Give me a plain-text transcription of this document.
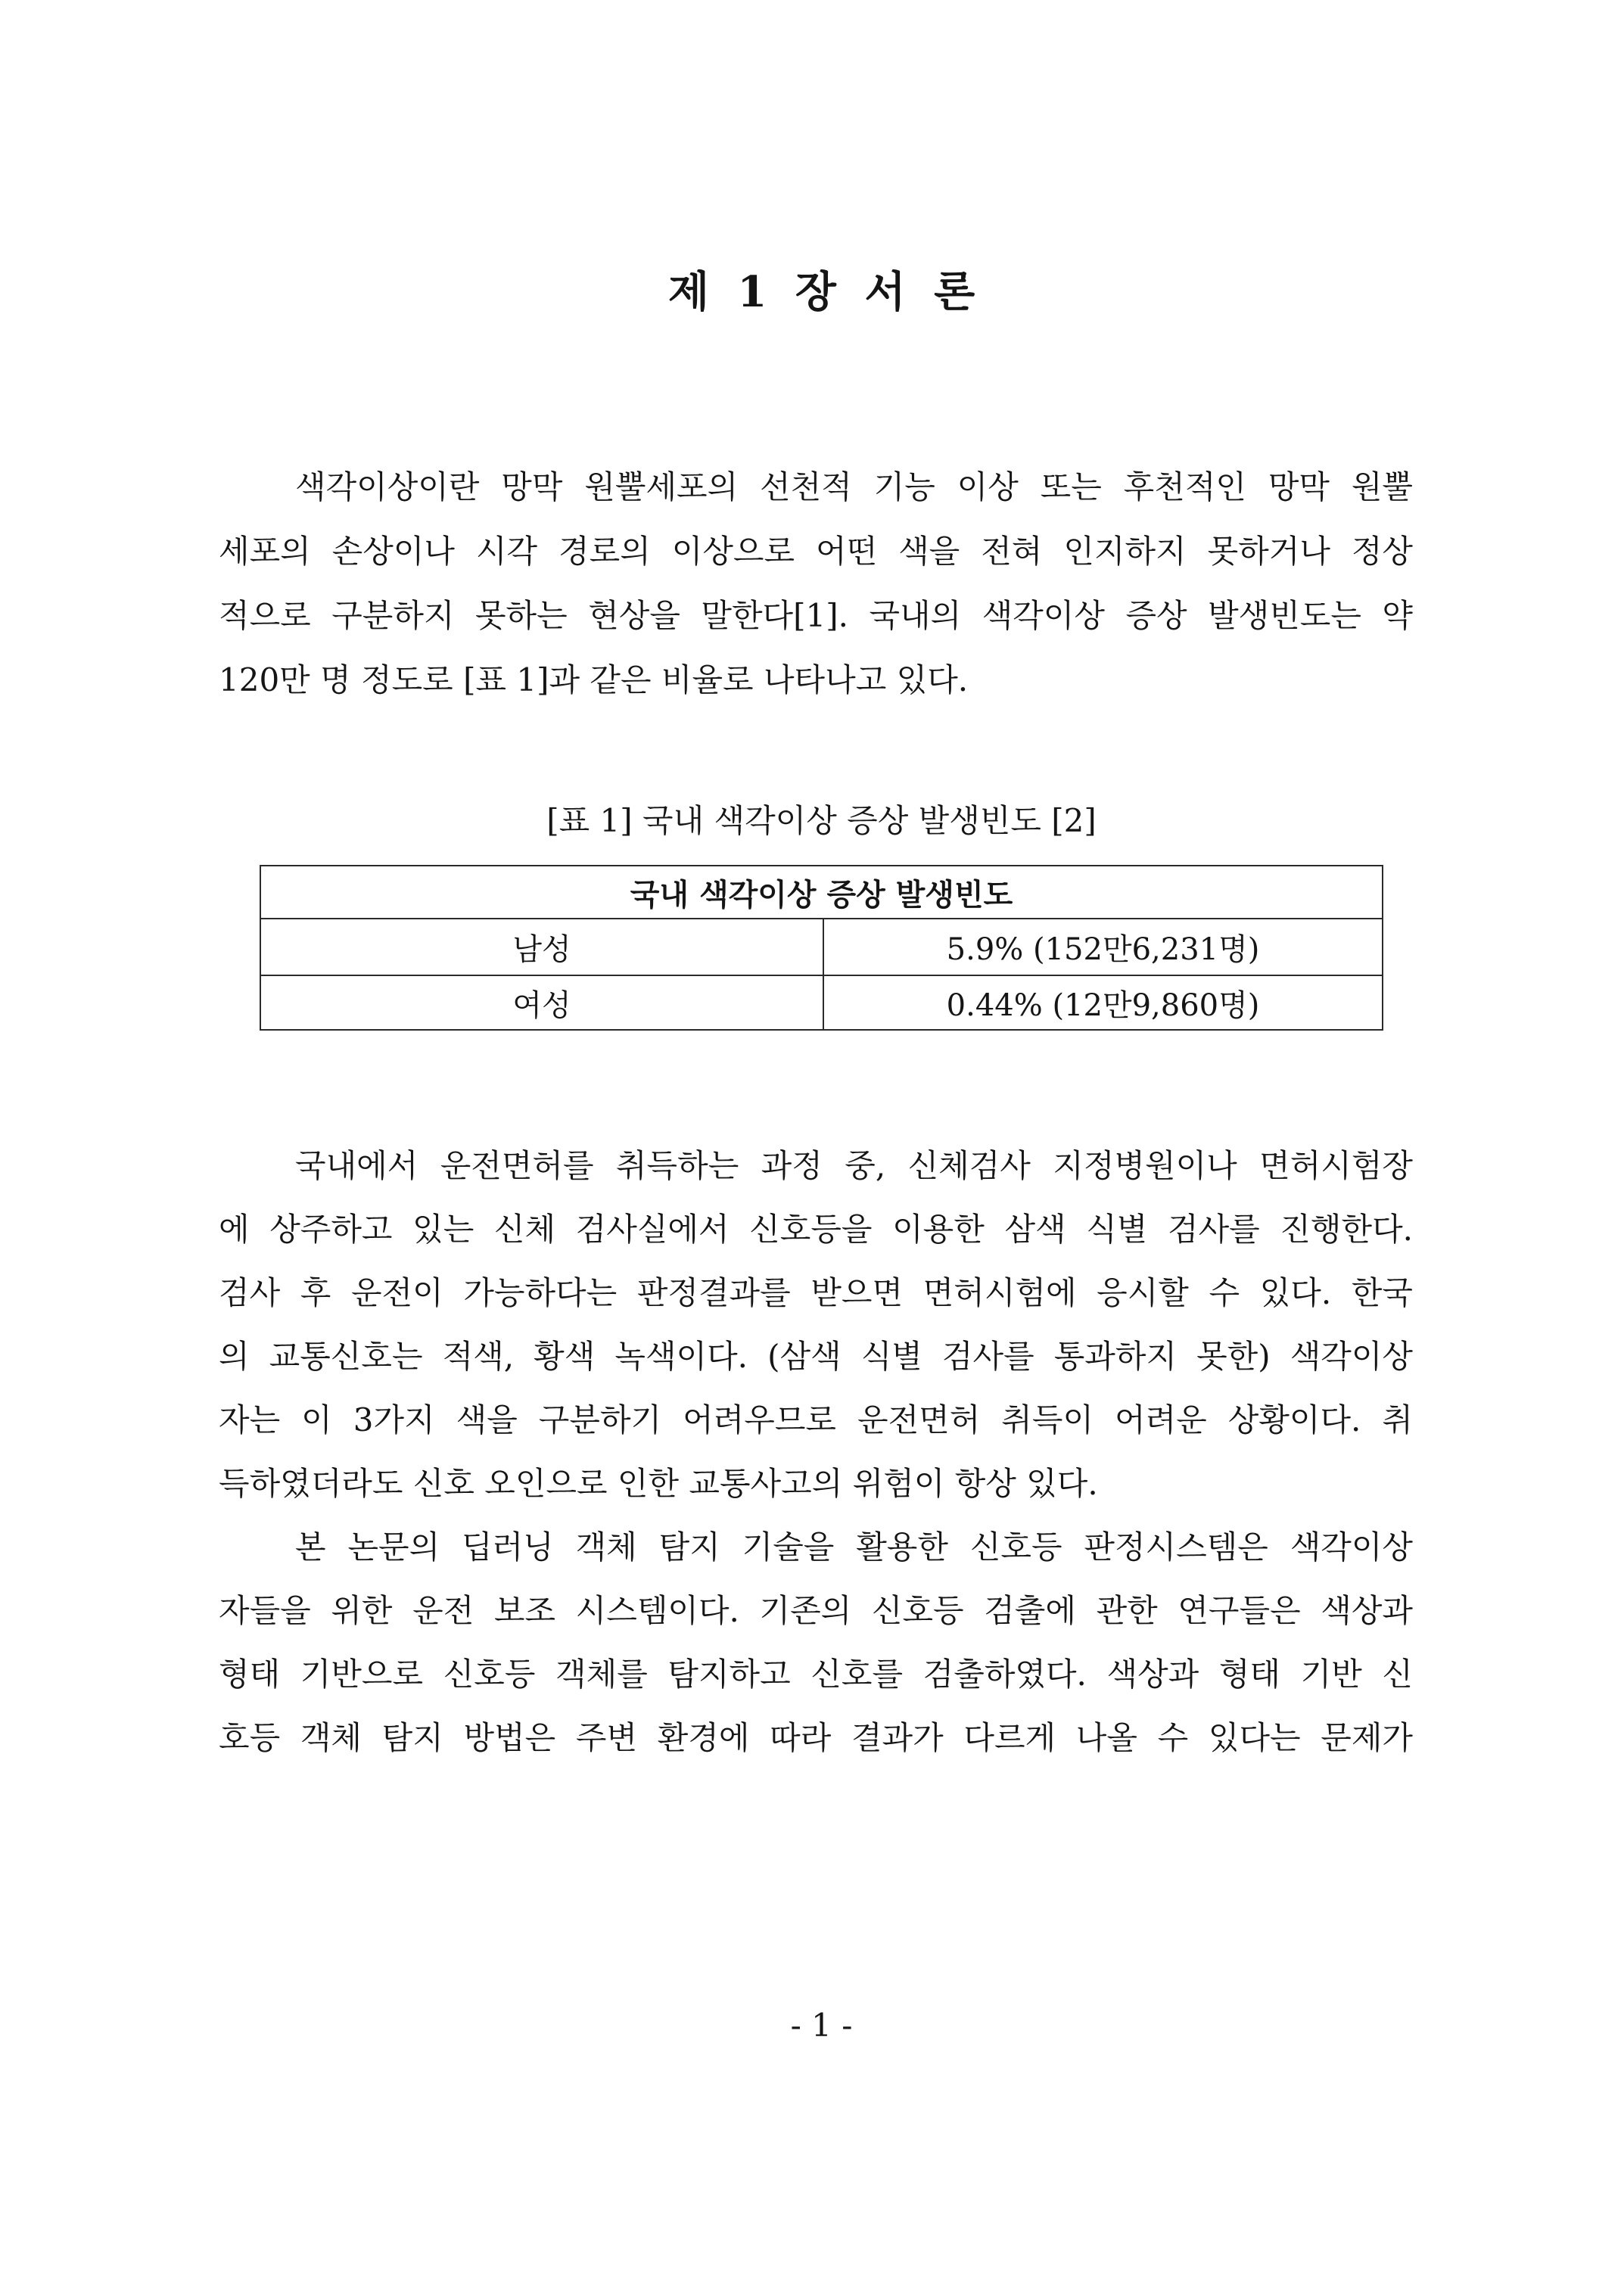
제 1 장 서 론
색각이상이란 망막 원뿔세포의 선천적 기능 이상 또는 후천적인 망막 원뿔
세포의 손상이나 시각 경로의 이상으로 어떤 색을 전혀 인지하지 못하거나 정상
적으로 구분하지 못하는 현상을 말한다[1]. 국내의 색각이상 증상 발생빈도는 약
120만 명 정도로 [표 1]과 같은 비율로 나타나고 있다.
[표 1] 국내 색각이상 증상 발생빈도 [2]
국내 색각이상 증상 발생빈도	
남성	5.9% (152만6,231명)
여성	0.44% (12만9,860명)
국내에서 운전면허를 취득하는 과정 중, 신체검사 지정병원이나 면허시험장
에 상주하고 있는 신체 검사실에서 신호등을 이용한 삼색 식별 검사를 진행한다.
검사 후 운전이 가능하다는 판정결과를 받으면 면허시험에 응시할 수 있다. 한국
의 교통신호는 적색, 황색 녹색이다. (삼색 식별 검사를 통과하지 못한) 색각이상
자는 이 3가지 색을 구분하기 어려우므로 운전면허 취득이 어려운 상황이다. 취
득하였더라도 신호 오인으로 인한 교통사고의 위험이 항상 있다.
본 논문의 딥러닝 객체 탐지 기술을 활용한 신호등 판정시스템은 색각이상
자들을 위한 운전 보조 시스템이다. 기존의 신호등 검출에 관한 연구들은 색상과
형태 기반으로 신호등 객체를 탐지하고 신호를 검출하였다. 색상과 형태 기반 신
호등 객체 탐지 방법은 주변 환경에 따라 결과가 다르게 나올 수 있다는 문제가
- 1 -
